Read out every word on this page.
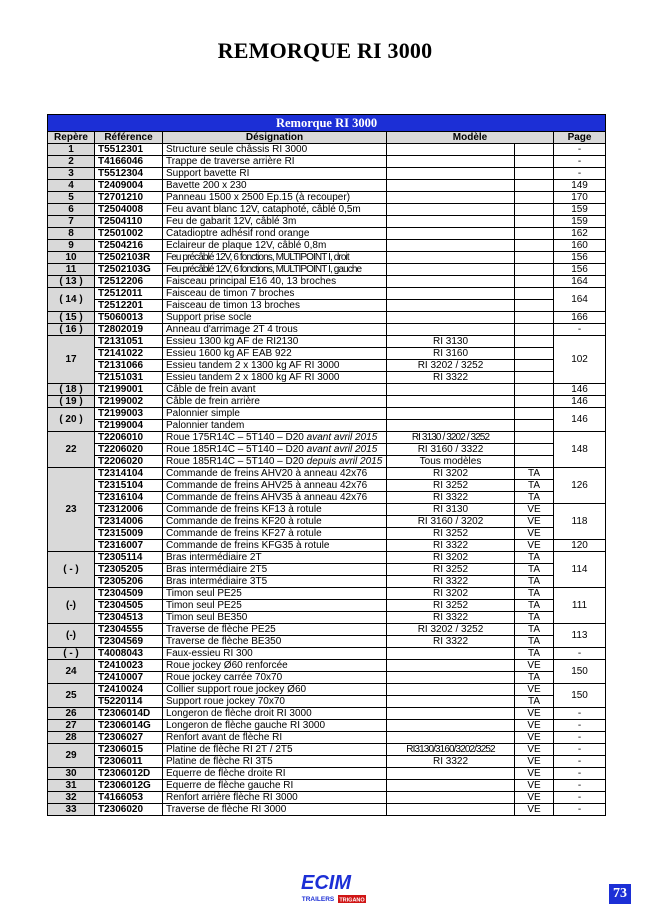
REMORQUE RI 3000
Remorque RI 3000					
Repère	Référence	Désignation	Modèle		Page
1	T5512301	Structure seule châssis RI 3000			-
2	T4166046	Trappe de traverse arrière RI			-
3	T5512304	Support bavette RI			-
4	T2409004	Bavette 200 x 230			149
5	T2701210	Panneau 1500 x 2500 Ep.15 (à recouper)			170
6	T2504008	Feu avant blanc 12V, cataphoté, câblé 0,5m			159
7	T2504110	Feu de gabarit 12V, câblé 3m			159
8	T2501002	Catadioptre adhésif rond orange			162
9	T2504216	Eclaireur de plaque 12V, câblé 0,8m			160
10	T2502103R	Feu précâblé 12V, 6 fonctions, MULTIPOINT I, droit			156
11	T2502103G	Feu précâblé 12V, 6 fonctions, MULTIPOINT I, gauche			156
( 13 )	T2512206	Faisceau principal E16 40, 13 broches			164
( 14 )	T2512011	Faisceau de timon 7 broches			164
	T2512201	Faisceau de timon 13 broches			
( 15 )	T5060013	Support prise socle			166
( 16 )	T2802019	Anneau d'arrimage 2T 4 trous			-
17	T2131051	Essieu 1300 kg AF de RI2130	RI 3130		102
	T2141022	Essieu 1600 kg AF EAB 922	RI 3160		
	T2131066	Essieu tandem 2 x 1300 kg AF RI 3000	RI 3202 / 3252		
	T2151031	Essieu tandem 2 x 1800 kg AF RI 3000	RI 3322		
( 18 )	T2199001	Câble de frein avant			146
( 19 )	T2199002	Câble de frein arrière			146
( 20 )	T2199003	Palonnier simple			146
	T2199004	Palonnier tandem			
22	T2206010	Roue 175R14C – 5T140 – D20 avant avril 2015	RI 3130 / 3202 / 3252		148
	T2206020	Roue 185R14C – 5T140 – D20 avant avril 2015	RI 3160 / 3322		
	T2206020	Roue 185R14C – 5T140 – D20 depuis avril 2015	Tous modèles		
23	T2314104	Commande de freins AHV20 à anneau 42x76	RI 3202	TA	126
	T2315104	Commande de freins AHV25 à anneau 42x76	RI 3252	TA	
	T2316104	Commande de freins AHV35 à anneau 42x76	RI 3322	TA	
	T2312006	Commande de freins KF13 à rotule	RI 3130	VE	118
	T2314006	Commande de freins KF20 à rotule	RI 3160 / 3202	VE	
	T2315009	Commande de freins KF27 à rotule	RI 3252	VE	
	T2316007	Commande de freins KFG35 à rotule	RI 3322	VE	120
( - )	T2305114	Bras intermédiaire 2T	RI 3202	TA	114
	T2305205	Bras intermédiaire 2T5	RI 3252	TA	
	T2305206	Bras intermédiaire 3T5	RI 3322	TA	
(-)	T2304509	Timon seul PE25	RI 3202	TA	111
	T2304505	Timon seul PE25	RI 3252	TA	
	T2304513	Timon seul BE350	RI 3322	TA	
(-)	T2304555	Traverse de flèche PE25	RI 3202 / 3252	TA	113
	T2304569	Traverse de flèche BE350	RI 3322	TA	
( - )	T4008043	Faux-essieu RI 300		TA	-
24	T2410023	Roue jockey Ø60 renforcée		VE	150
	T2410007	Roue jockey carrée 70x70		TA	
25	T2410024	Collier support roue jockey Ø60		VE	150
	T5220114	Support roue jockey 70x70		TA	
26	T2306014D	Longeron de flèche droit RI 3000		VE	-
27	T2306014G	Longeron de flèche gauche RI 3000		VE	-
28	T2306027	Renfort avant de flèche RI		VE	-
29	T2306015	Platine de flèche RI 2T / 2T5	RI3130/3160/3202/3252	VE	-
	T2306011	Platine de flèche RI 3T5	RI 3322	VE	-
30	T2306012D	Equerre de flèche droite RI		VE	-
31	T2306012G	Equerre de flèche gauche RI		VE	-
32	T4166053	Renfort arrière flèche RI 3000		VE	-
33	T2306020	Traverse de flèche RI 3000		VE	-
ECIM
TRAILERS TRIGANO	73
